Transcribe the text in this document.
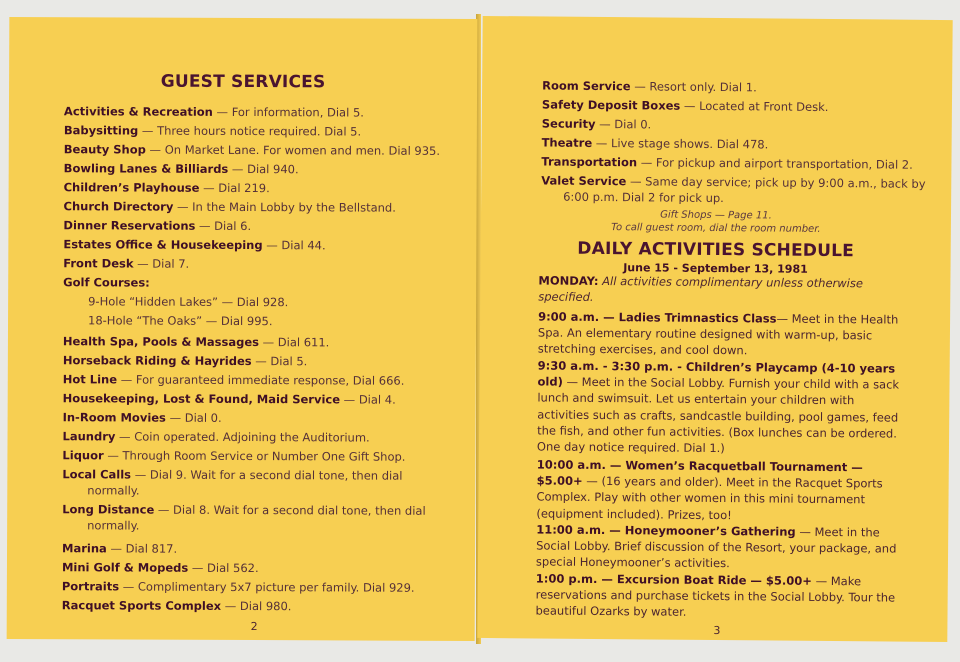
GUEST SERVICES
Activities & Recreation — For information, Dial 5.
Babysitting — Three hours notice required. Dial 5.
Beauty Shop — On Market Lane. For women and men. Dial 935.
Bowling Lanes & Billiards — Dial 940.
Children’s Playhouse — Dial 219.
Church Directory — In the Main Lobby by the Bellstand.
Dinner Reservations — Dial 6.
Estates Office & Housekeeping — Dial 44.
Front Desk — Dial 7.
Golf Courses:
9-Hole “Hidden Lakes” — Dial 928.
18-Hole “The Oaks” — Dial 995.
Health Spa, Pools & Massages — Dial 611.
Horseback Riding & Hayrides — Dial 5.
Hot Line — For guaranteed immediate response, Dial 666.
Housekeeping, Lost & Found, Maid Service — Dial 4.
In-Room Movies — Dial 0.
Laundry — Coin operated. Adjoining the Auditorium.
Liquor — Through Room Service or Number One Gift Shop.
Local Calls — Dial 9. Wait for a second dial tone, then dial
normally.
Long Distance — Dial 8. Wait for a second dial tone, then dial
normally.
Marina — Dial 817.
Mini Golf & Mopeds — Dial 562.
Portraits — Complimentary 5x7 picture per family. Dial 929.
Racquet Sports Complex — Dial 980.
2
Room Service — Resort only. Dial 1.
Safety Deposit Boxes — Located at Front Desk.
Security — Dial 0.
Theatre — Live stage shows. Dial 478.
Transportation — For pickup and airport transportation, Dial 2.
Valet Service — Same day service; pick up by 9:00 a.m., back by
6:00 p.m. Dial 2 for pick up.
Gift Shops — Page 11.
To call guest room, dial the room number.
DAILY ACTIVITIES SCHEDULE
June 15 - September 13, 1981
MONDAY: All activities complimentary unless otherwise specified.
9:00 a.m. — Ladies Trimnastics Class— Meet in the Health Spa. An elementary routine designed with warm-up, basic stretching exercises, and cool down.
9:30 a.m. - 3:30 p.m. - Children’s Playcamp (4-10 years old) — Meet in the Social Lobby. Furnish your child with a sack lunch and swimsuit. Let us entertain your children with activities such as crafts, sandcastle building, pool games, feed the fish, and other fun activities. (Box lunches can be ordered. One day notice required. Dial 1.)
10:00 a.m. — Women’s Racquetball Tournament — $5.00+ — (16 years and older). Meet in the Racquet Sports Complex. Play with other women in this mini tournament (equipment included). Prizes, too!
11:00 a.m. — Honeymooner’s Gathering — Meet in the Social Lobby. Brief discussion of the Resort, your package, and special Honeymooner’s activities.
1:00 p.m. — Excursion Boat Ride — $5.00+ — Make reservations and purchase tickets in the Social Lobby. Tour the beautiful Ozarks by water.
3
